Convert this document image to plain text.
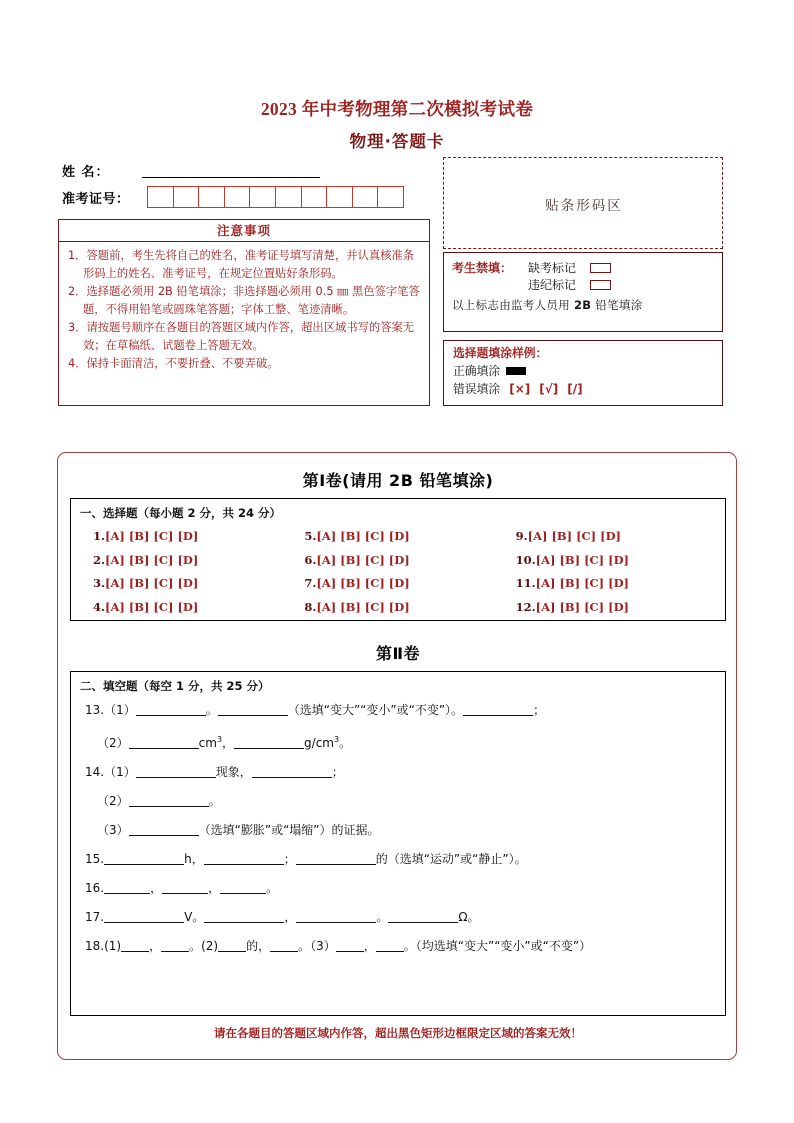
2023 年中考物理第二次模拟考试卷
物理·答题卡
姓 名：
准考证号：
注意事项
1．答题前，考生先将自己的姓名，准考证号填写清楚，并认真核准条形码上的姓名、准考证号，在规定位置贴好条形码。
2．选择题必须用 2B 铅笔填涂；非选择题必须用 0.5 ㎜ 黑色签字笔答题，不得用铅笔或圆珠笔答题；字体工整、笔迹清晰。
3．请按题号顺序在各题目的答题区域内作答，超出区域书写的答案无效；在草稿纸、试题卷上答题无效。
4．保持卡面清洁，不要折叠、不要弄破。
贴条形码区
考生禁填：	缺考标记
违纪标记
以上标志由监考人员用 2B 铅笔填涂
选择题填涂样例：
正确填涂
错误填涂 [×] [√] [/]
第Ⅰ卷(请用 2B 铅笔填涂)
一、选择题（每小题 2 分，共 24 分）
1.[A] [B] [C] [D]	5.[A] [B] [C] [D]	9.[A] [B] [C] [D]
2.[A] [B] [C] [D]	6.[A] [B] [C] [D]	10.[A] [B] [C] [D]
3.[A] [B] [C] [D]	7.[A] [B] [C] [D]	11.[A] [B] [C] [D]
4.[A] [B] [C] [D]	8.[A] [B] [C] [D]	12.[A] [B] [C] [D]
第Ⅱ卷
二、填空题（每空 1 分，共 25 分）
13.（1）	。	（选填“变大”“变小”或“不变”）。	；
（2）	$cm^3$，	$g/cm^3$。
14.（1）	现象，	；
（2）	。
（3）	（选填“膨胀”或“塌缩”）的证据。
15.	h，	；	的（选填“运动”或“静止”）。
16.	，	，	。
17.	V。	，	。	Ω。
18.(1) ， 。(2) 的， 。（3） ， 。（均选填“变大”“变小”或“不变”）
请在各题目的答题区域内作答，超出黑色矩形边框限定区域的答案无效！
